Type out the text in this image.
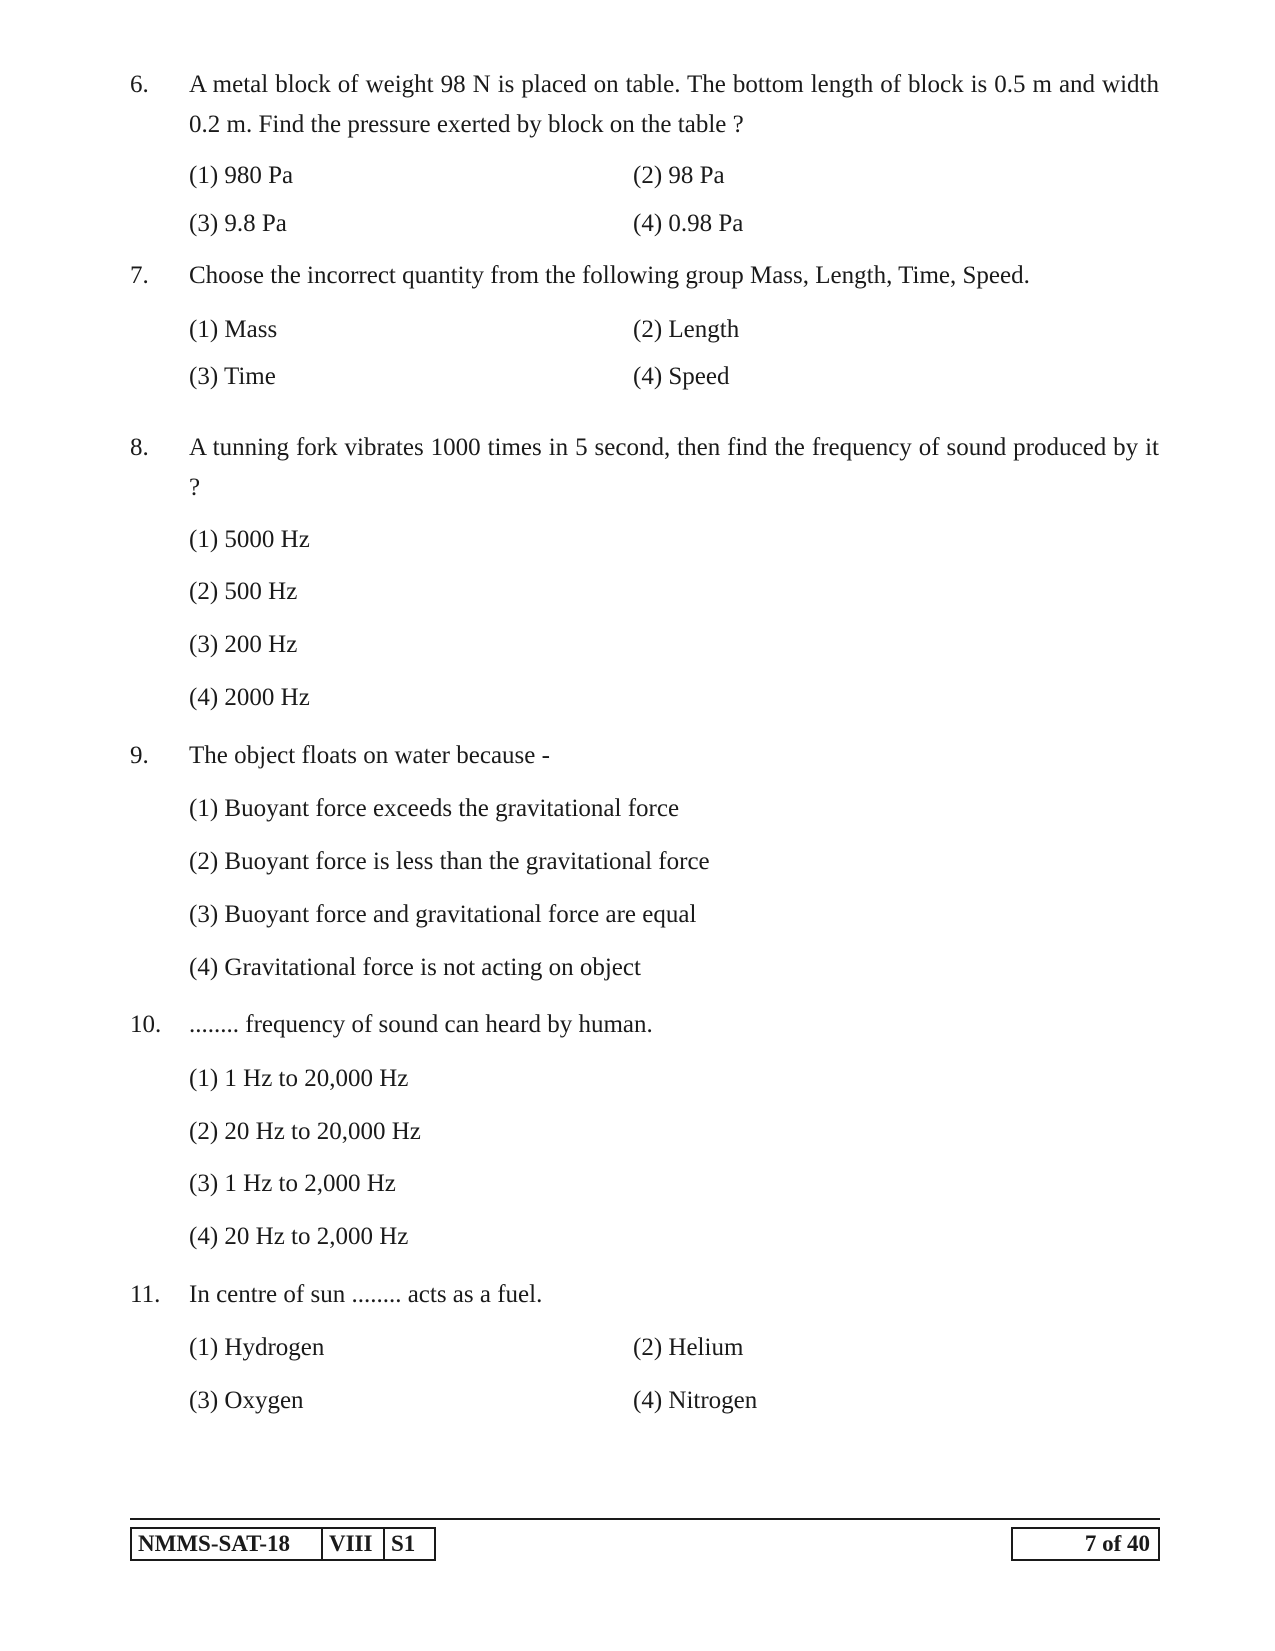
6. A metal block of weight 98 N is placed on table. The bottom length of block is 0.5 m and width 0.2 m. Find the pressure exerted by block on the table ?
(1) 980 Pa	(2) 98 Pa
(3) 9.8 Pa	(4) 0.98 Pa
7. Choose the incorrect quantity from the following group Mass, Length, Time, Speed.
(1) Mass	(2) Length
(3) Time	(4) Speed
8. A tunning fork vibrates 1000 times in 5 second, then find the frequency of sound produced by it ?
(1) 5000 Hz
(2) 500 Hz
(3) 200 Hz
(4) 2000 Hz
9. The object floats on water because -
(1) Buoyant force exceeds the gravitational force
(2) Buoyant force is less than the gravitational force
(3) Buoyant force and gravitational force are equal
(4) Gravitational force is not acting on object
10. ........ frequency of sound can heard by human.
(1) 1 Hz to 20,000 Hz
(2) 20 Hz to 20,000 Hz
(3) 1 Hz to 2,000 Hz
(4) 20 Hz to 2,000 Hz
11. In centre of sun ........ acts as a fuel.
(1) Hydrogen	(2) Helium
(3) Oxygen	(4) Nitrogen
NMMS-SAT-18	VIII S1	7 of 40
